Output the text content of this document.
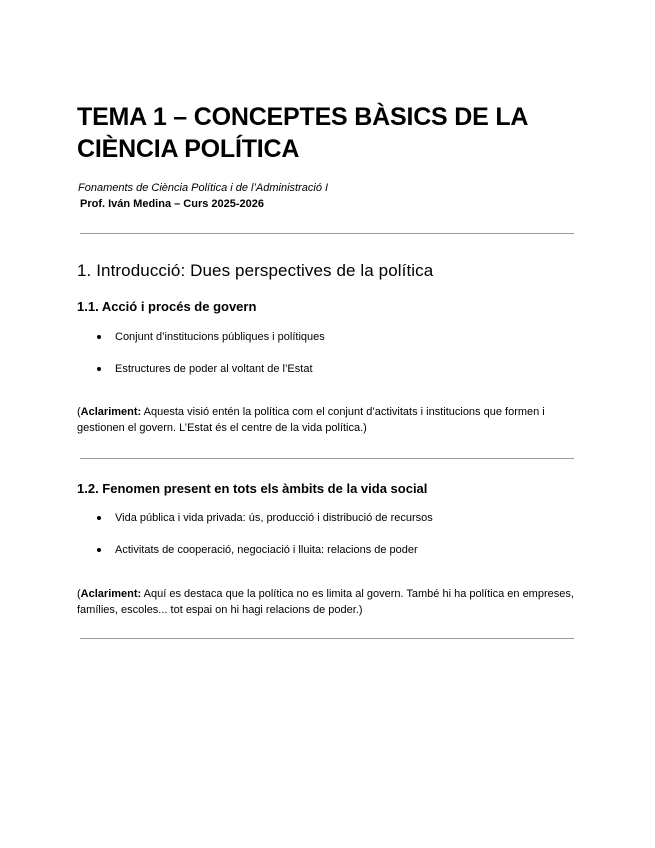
TEMA 1 – CONCEPTES BÀSICS DE LA CIÈNCIA POLÍTICA

Fonaments de Ciència Política i de l’Administració I

Prof. Iván Medina – Curs 2025-2026

1. Introducció: Dues perspectives de la política
1.1. Acció i procés de govern
Conjunt d’institucions públiques i polítiques
Estructures de poder al voltant de l’Estat

(Aclariment: Aquesta visió entén la política com el conjunt d’activitats i institucions que formen i gestionen el govern. L’Estat és el centre de la vida política.)

1.2. Fenomen present en tots els àmbits de la vida social
Vida pública i vida privada: ús, producció i distribució de recursos
Activitats de cooperació, negociació i lluita: relacions de poder

(Aclariment: Aquí es destaca que la política no es limita al govern. També hi ha política en empreses, famílies, escoles... tot espai on hi hagi relacions de poder.)
